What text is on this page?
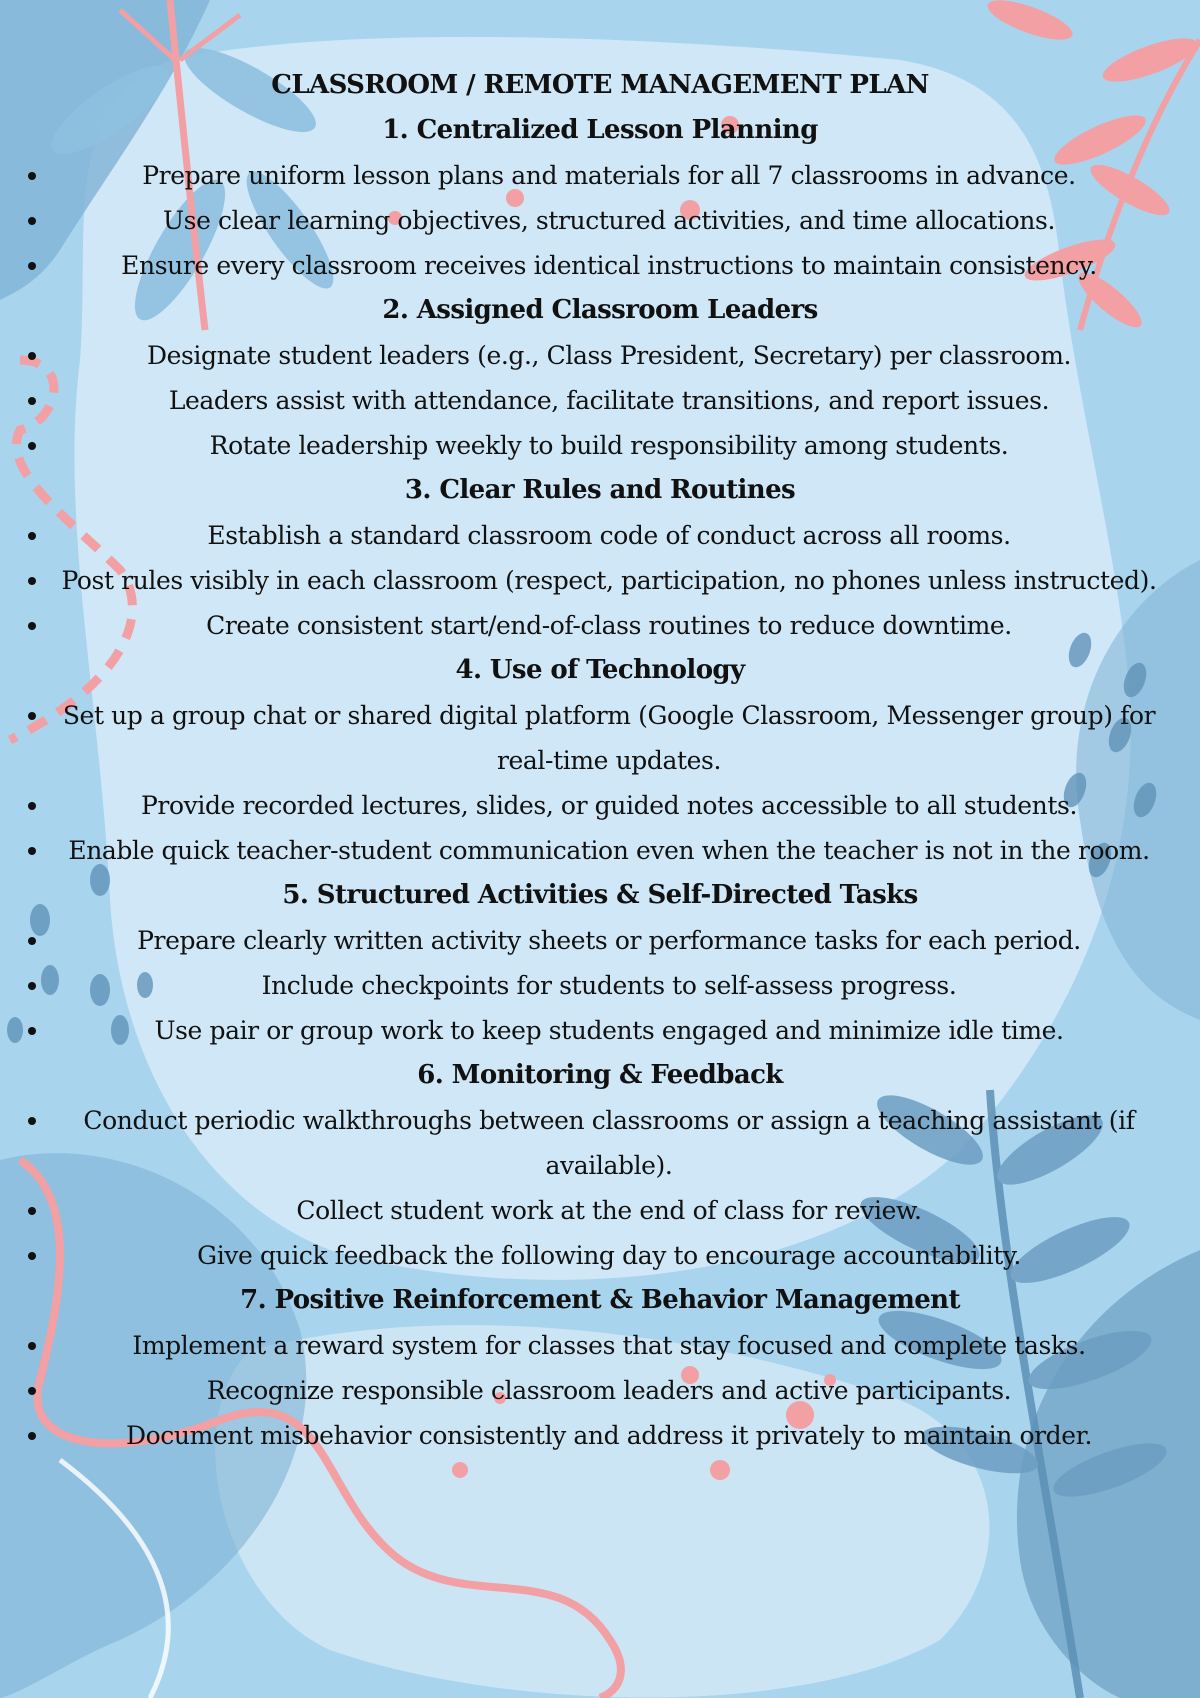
CLASSROOM / REMOTE MANAGEMENT PLAN
1. Centralized Lesson Planning
Prepare uniform lesson plans and materials for all 7 classrooms in advance.
Use clear learning objectives, structured activities, and time allocations.
Ensure every classroom receives identical instructions to maintain consistency.
2. Assigned Classroom Leaders
Designate student leaders (e.g., Class President, Secretary) per classroom.
Leaders assist with attendance, facilitate transitions, and report issues.
Rotate leadership weekly to build responsibility among students.
3. Clear Rules and Routines
Establish a standard classroom code of conduct across all rooms.
Post rules visibly in each classroom (respect, participation, no phones unless instructed).
Create consistent start/end-of-class routines to reduce downtime.
4. Use of Technology
Set up a group chat or shared digital platform (Google Classroom, Messenger group) for real-time updates.
Provide recorded lectures, slides, or guided notes accessible to all students.
Enable quick teacher-student communication even when the teacher is not in the room.
5. Structured Activities & Self-Directed Tasks
Prepare clearly written activity sheets or performance tasks for each period.
Include checkpoints for students to self-assess progress.
Use pair or group work to keep students engaged and minimize idle time.
6. Monitoring & Feedback
Conduct periodic walkthroughs between classrooms or assign a teaching assistant (if available).
Collect student work at the end of class for review.
Give quick feedback the following day to encourage accountability.
7. Positive Reinforcement & Behavior Management
Implement a reward system for classes that stay focused and complete tasks.
Recognize responsible classroom leaders and active participants.
Document misbehavior consistently and address it privately to maintain order.
